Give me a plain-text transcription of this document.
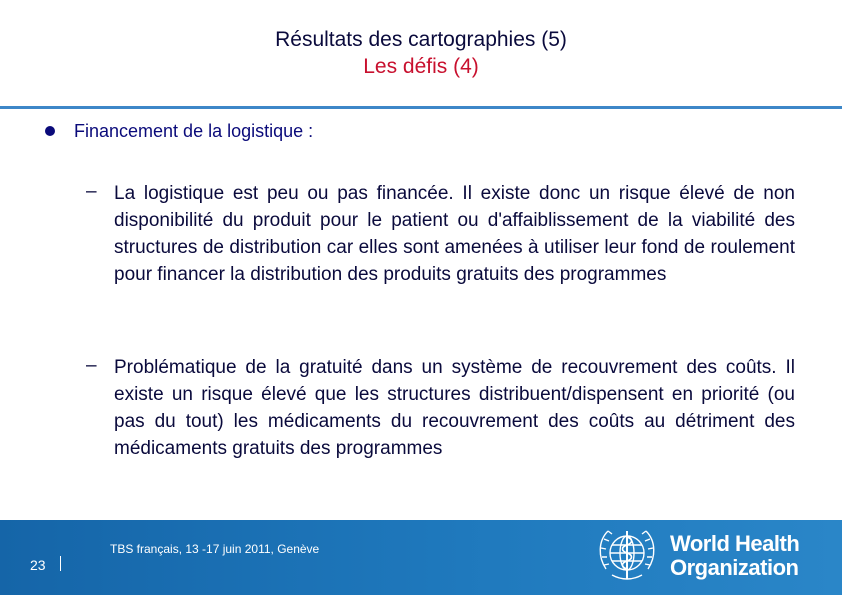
Résultats des cartographies (5)
Les défis (4)
Financement de la logistique :
– La logistique est peu ou pas financée. Il existe donc un risque élevé de non disponibilité du produit pour le patient ou d'affaiblissement de la viabilité des structures de distribution car elles sont amenées à utiliser leur fond de roulement pour financer la distribution des produits gratuits des programmes

– Problématique de la gratuité dans un système de recouvrement des coûts. Il existe un risque élevé que les structures distribuent/dispensent en priorité (ou pas du tout) les médicaments du recouvrement des coûts au détriment des médicaments gratuits des programmes

23
TBS français, 13 -17 juin 2011, Genève	World Health
Organization
